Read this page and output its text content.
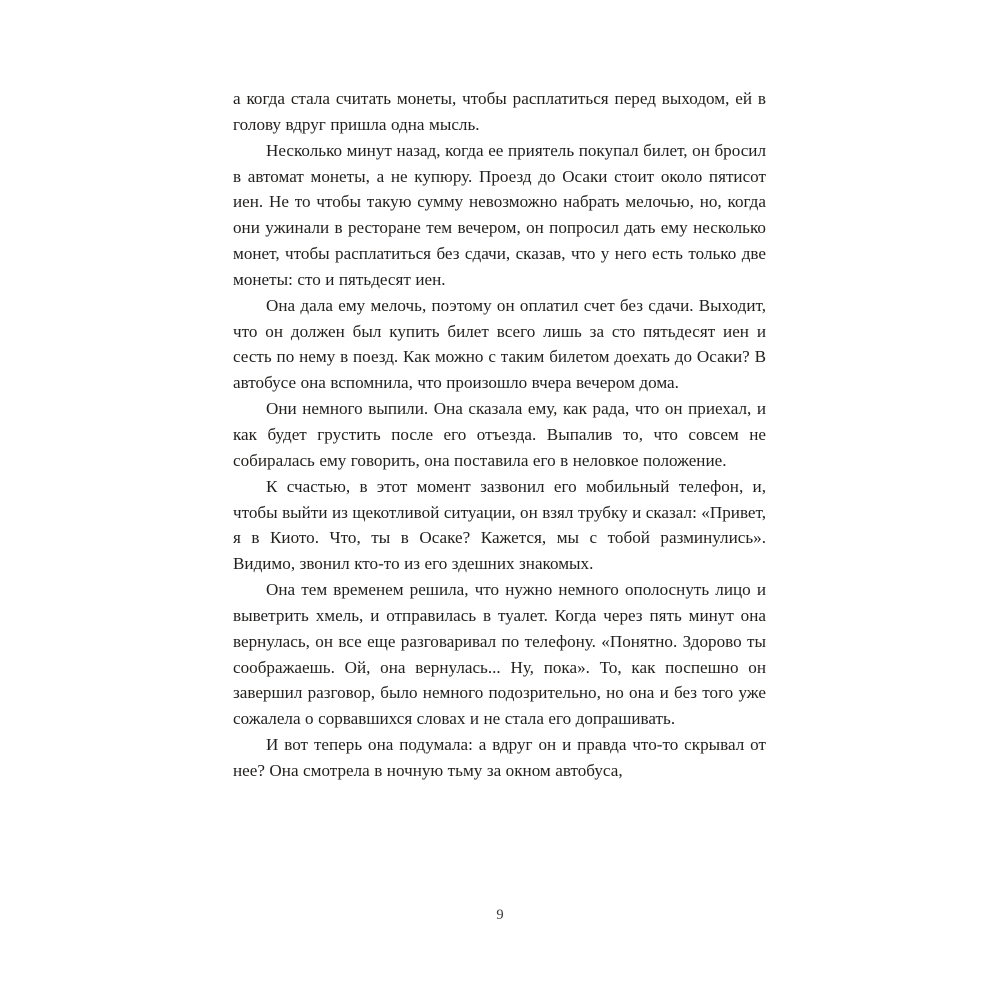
а когда стала считать монеты, чтобы расплатиться перед выходом, ей в голову вдруг пришла одна мысль.

Несколько минут назад, когда ее приятель покупал билет, он бросил в автомат монеты, а не купюру. Проезд до Осаки стоит около пятисот иен. Не то чтобы такую сумму невозможно набрать мелочью, но, когда они ужинали в ресторане тем вечером, он попросил дать ему несколько монет, чтобы расплатиться без сдачи, сказав, что у него есть только две монеты: сто и пятьдесят иен.

Она дала ему мелочь, поэтому он оплатил счет без сдачи. Выходит, что он должен был купить билет всего лишь за сто пятьдесят иен и сесть по нему в поезд. Как можно с таким билетом доехать до Осаки? В автобусе она вспомнила, что произошло вчера вечером дома.

Они немного выпили. Она сказала ему, как рада, что он приехал, и как будет грустить после его отъезда. Выпалив то, что совсем не собиралась ему говорить, она поставила его в неловкое положение.

К счастью, в этот момент зазвонил его мобильный телефон, и, чтобы выйти из щекотливой ситуации, он взял трубку и сказал: «Привет, я в Киото. Что, ты в Осаке? Кажется, мы с тобой разминулись». Видимо, звонил кто-то из его здешних знакомых.

Она тем временем решила, что нужно немного ополоснуть лицо и выветрить хмель, и отправилась в туалет. Когда через пять минут она вернулась, он все еще разговаривал по телефону. «Понятно. Здорово ты соображаешь. Ой, она вернулась... Ну, пока». То, как поспешно он завершил разговор, было немного подозрительно, но она и без того уже сожалела о сорвавшихся словах и не стала его допрашивать.

И вот теперь она подумала: а вдруг он и правда что-то скрывал от нее? Она смотрела в ночную тьму за окном автобуса,

9
